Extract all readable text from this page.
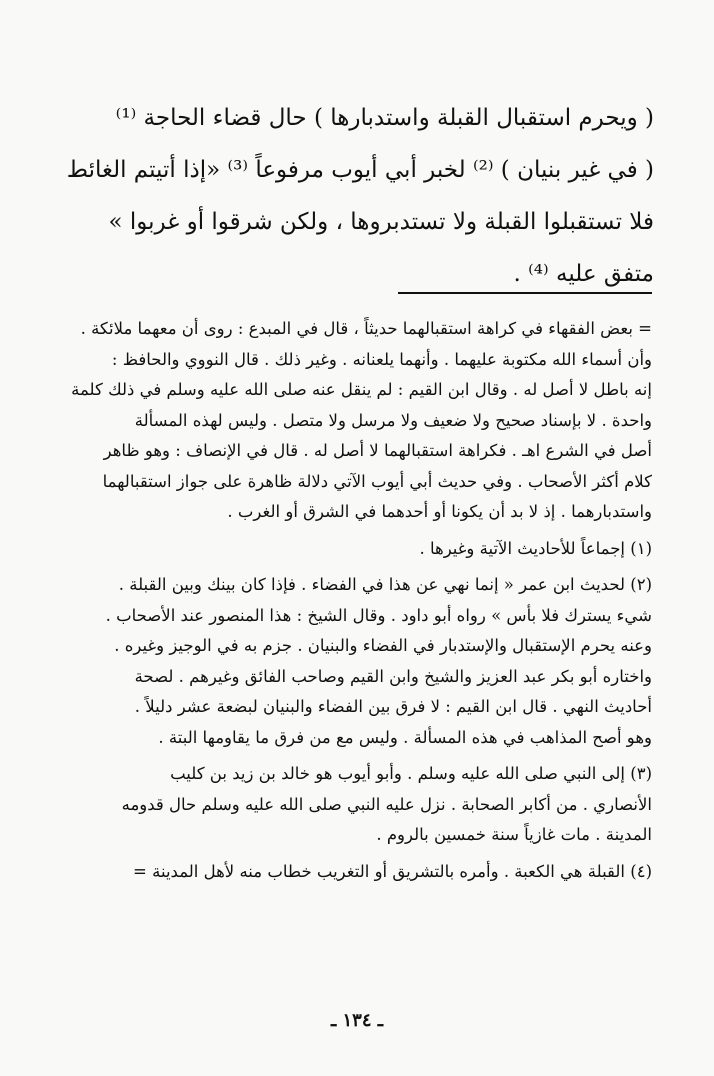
( ويحرم استقبال القبلة واستدبارها ) حال قضاء الحاجة ⁽¹⁾
( في غير بنيان ) ⁽²⁾ لخبر أبي أيوب مرفوعاً ⁽³⁾ «إذا أتيتم الغائط
فلا تستقبلوا القبلة ولا تستدبروها ، ولكن شرقوا أو غربوا »
متفق عليه ⁽⁴⁾ .
= بعض الفقهاء في كراهة استقبالهما حديثاً ، قال في المبدع : روى أن معهما ملائكة .
وأن أسماء الله مكتوبة عليهما . وأنهما يلعنانه . وغير ذلك . قال النووي والحافظ :
إنه باطل لا أصل له . وقال ابن القيم : لم ينقل عنه صلى الله عليه وسلم في ذلك كلمة
واحدة . لا بإسناد صحيح ولا ضعيف ولا مرسل ولا متصل . وليس لهذه المسألة
أصل في الشرع اهـ . فكراهة استقبالهما لا أصل له . قال في الإنصاف : وهو ظاهر
كلام أكثر الأصحاب . وفي حديث أبي أيوب الآتي دلالة ظاهرة على جواز استقبالهما
واستدبارهما . إذ لا بد أن يكونا أو أحدهما في الشرق أو الغرب .
(١) إجماعاً للأحاديث الآتية وغيرها .
(٢) لحديث ابن عمر « إنما نهي عن هذا في الفضاء . فإذا كان بينك وبين القبلة .
شيء يسترك فلا بأس » رواه أبو داود . وقال الشيخ : هذا المنصور عند الأصحاب .
وعنه يحرم الإستقبال والإستدبار في الفضاء والبنيان . جزم به في الوجيز وغيره .
واختاره أبو بكر عبد العزيز والشيخ وابن القيم وصاحب الفائق وغيرهم . لصحة
أحاديث النهي . قال ابن القيم : لا فرق بين الفضاء والبنيان لبضعة عشر دليلاً .
وهو أصح المذاهب في هذه المسألة . وليس مع من فرق ما يقاومها البتة .
(٣) إلى النبي صلى الله عليه وسلم . وأبو أيوب هو خالد بن زيد بن كليب
الأنصاري . من أكابر الصحابة . نزل عليه النبي صلى الله عليه وسلم حال قدومه
المدينة . مات غازياً سنة خمسين بالروم .
(٤) القبلة هي الكعبة . وأمره بالتشريق أو التغريب خطاب منه لأهل المدينة =
ـ ١٣٤ ـ
